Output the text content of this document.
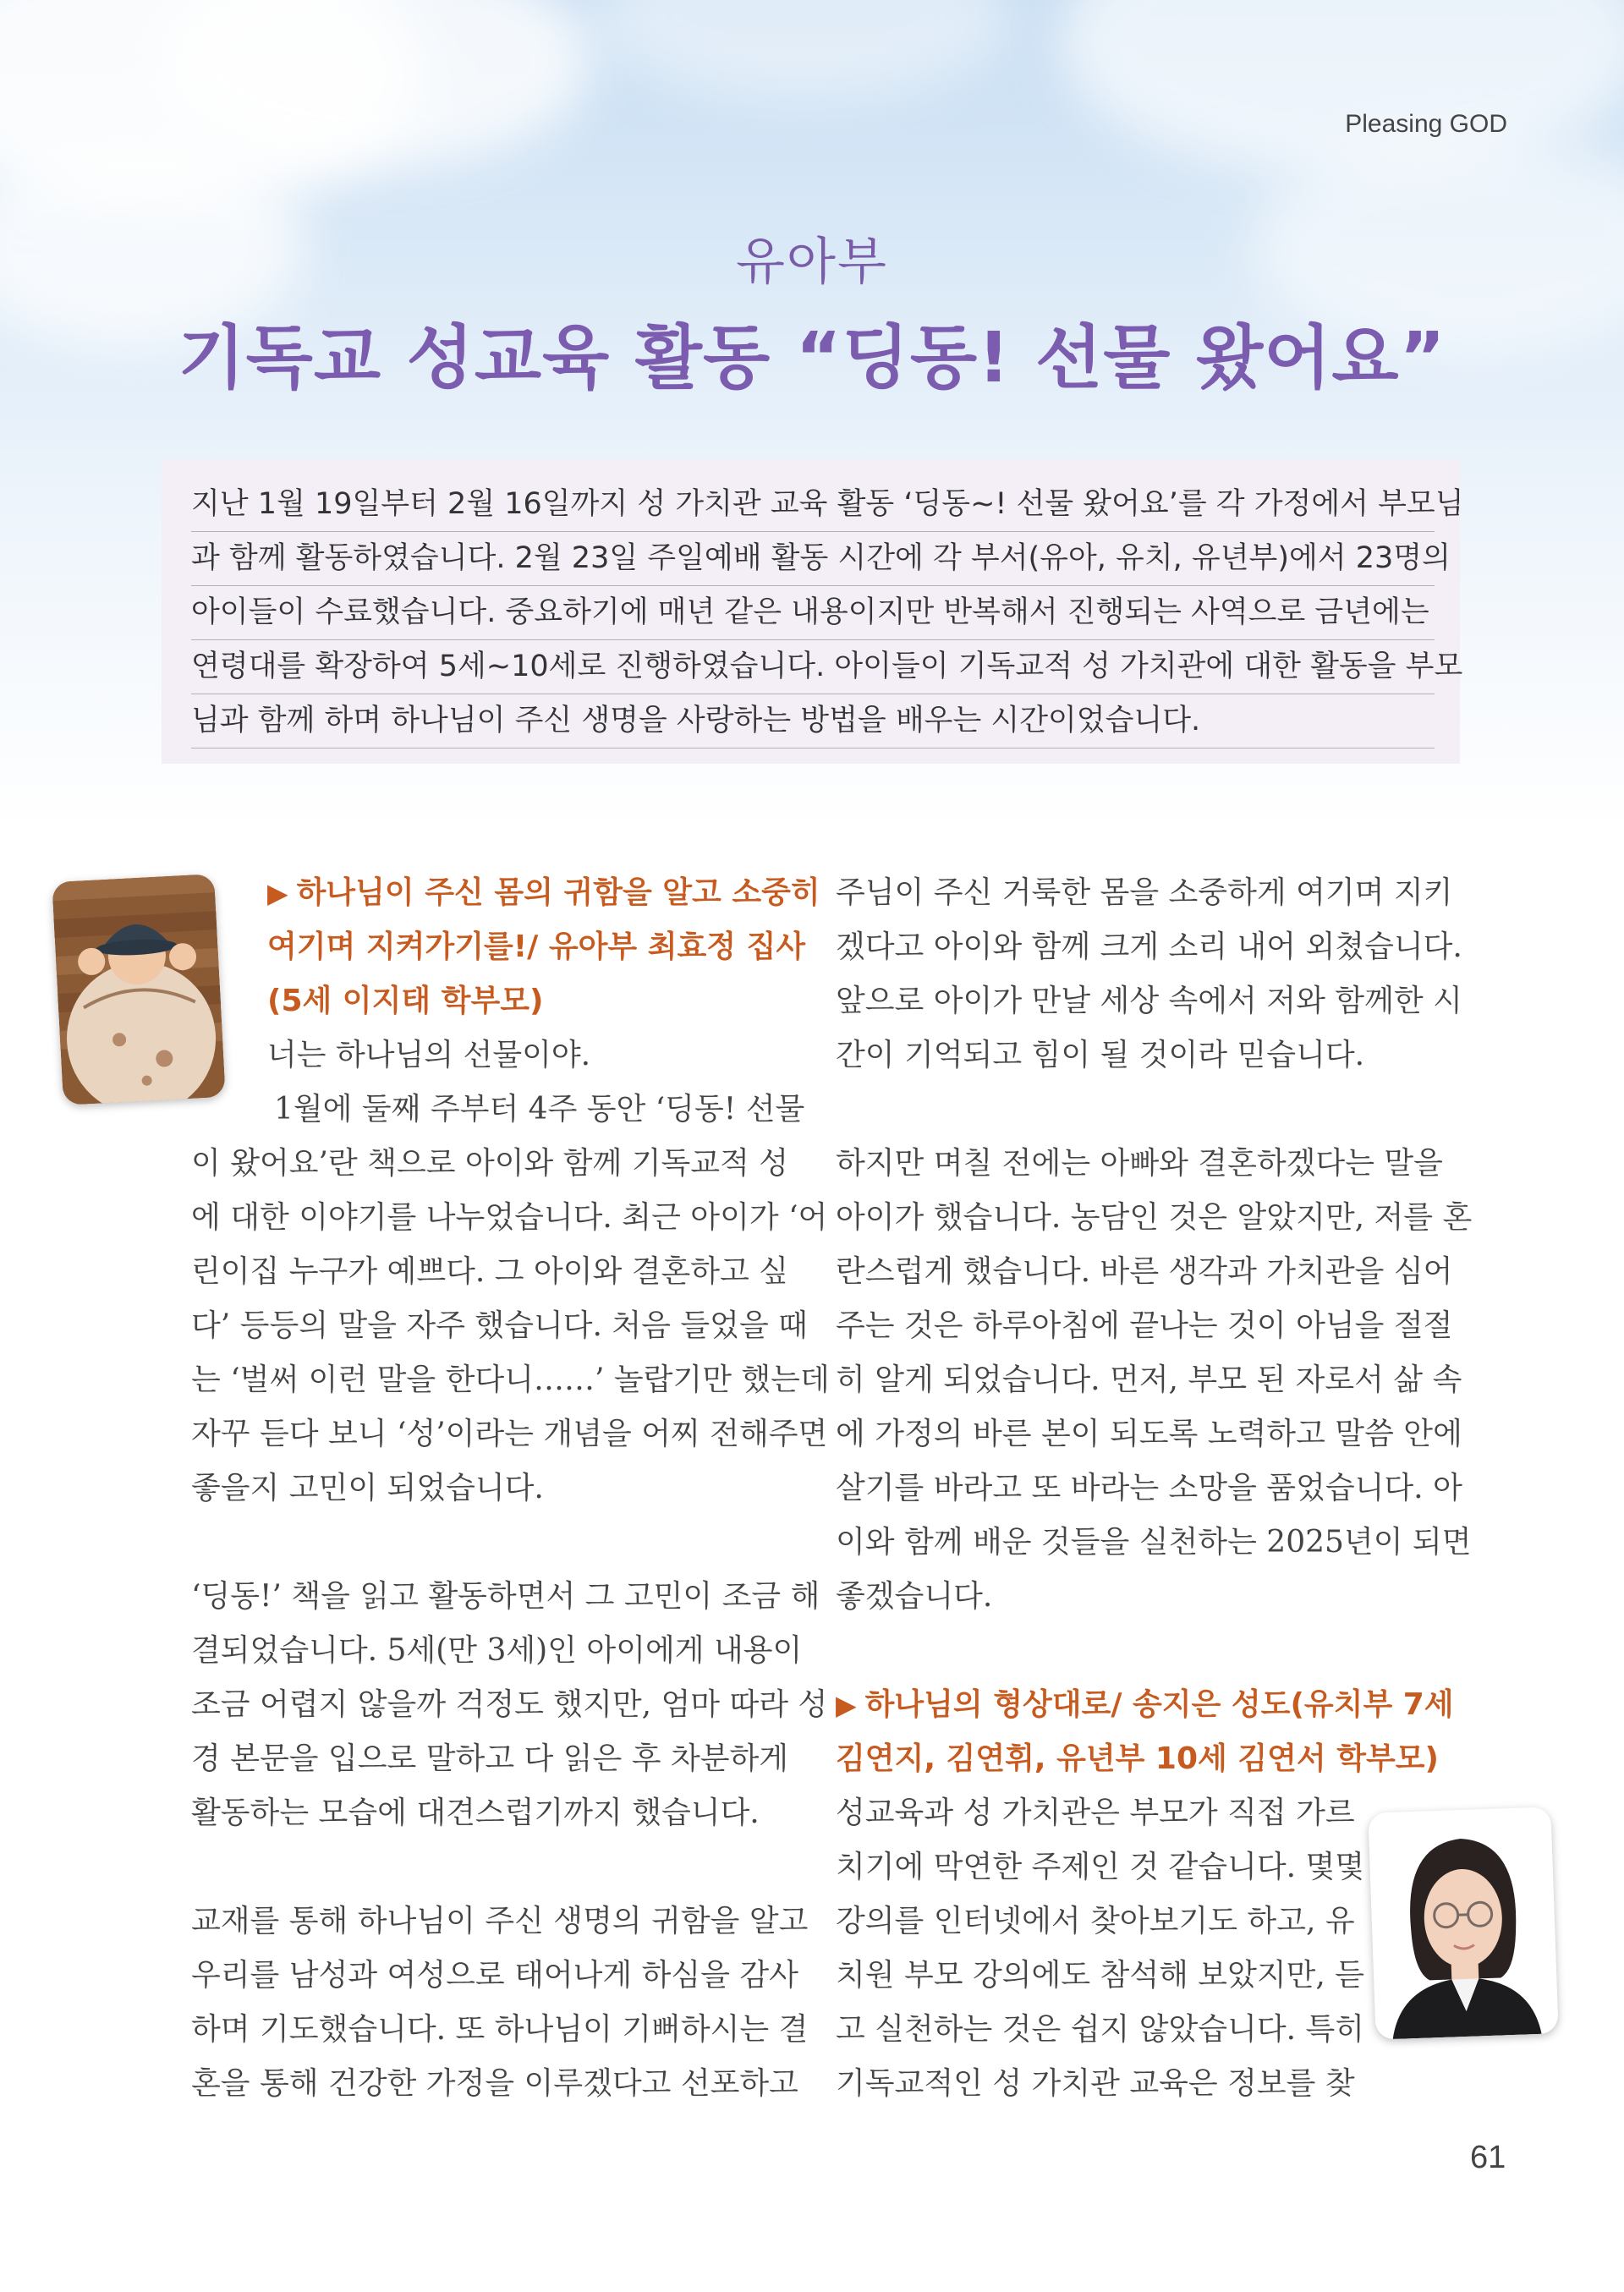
Pleasing GOD
유아부
기독교 성교육 활동 “딩동! 선물 왔어요”
지난 1월 19일부터 2월 16일까지 성 가치관 교육 활동 ‘딩동~! 선물 왔어요’를 각 가정에서 부모님
과 함께 활동하였습니다. 2월 23일 주일예배 활동 시간에 각 부서(유아, 유치, 유년부)에서 23명의
아이들이 수료했습니다. 중요하기에 매년 같은 내용이지만 반복해서 진행되는 사역으로 금년에는
연령대를 확장하여 5세~10세로 진행하였습니다. 아이들이 기독교적 성 가치관에 대한 활동을 부모
님과 함께 하며 하나님이 주신 생명을 사랑하는 방법을 배우는 시간이었습니다.
▶ 하나님이 주신 몸의 귀함을 알고 소중히
여기며 지켜가기를!/ 유아부 최효정 집사
(5세 이지태 학부모)
너는 하나님의 선물이야.
1월에 둘째 주부터 4주 동안 ‘딩동! 선물
이 왔어요’란 책으로 아이와 함께 기독교적 성
에 대한 이야기를 나누었습니다. 최근 아이가 ‘어
린이집 누구가 예쁘다. 그 아이와 결혼하고 싶
다’ 등등의 말을 자주 했습니다. 처음 들었을 때
는 ‘벌써 이런 말을 한다니……’ 놀랍기만 했는데
자꾸 듣다 보니 ‘성’이라는 개념을 어찌 전해주면
좋을지 고민이 되었습니다.
‘딩동!’ 책을 읽고 활동하면서 그 고민이 조금 해
결되었습니다. 5세(만 3세)인 아이에게 내용이
조금 어렵지 않을까 걱정도 했지만, 엄마 따라 성
경 본문을 입으로 말하고 다 읽은 후 차분하게
활동하는 모습에 대견스럽기까지 했습니다.
교재를 통해 하나님이 주신 생명의 귀함을 알고
우리를 남성과 여성으로 태어나게 하심을 감사
하며 기도했습니다. 또 하나님이 기뻐하시는 결
혼을 통해 건강한 가정을 이루겠다고 선포하고
주님이 주신 거룩한 몸을 소중하게 여기며 지키
겠다고 아이와 함께 크게 소리 내어 외쳤습니다.
앞으로 아이가 만날 세상 속에서 저와 함께한 시
간이 기억되고 힘이 될 것이라 믿습니다.
하지만 며칠 전에는 아빠와 결혼하겠다는 말을
아이가 했습니다. 농담인 것은 알았지만, 저를 혼
란스럽게 했습니다. 바른 생각과 가치관을 심어
주는 것은 하루아침에 끝나는 것이 아님을 절절
히 알게 되었습니다. 먼저, 부모 된 자로서 삶 속
에 가정의 바른 본이 되도록 노력하고 말씀 안에
살기를 바라고 또 바라는 소망을 품었습니다. 아
이와 함께 배운 것들을 실천하는 2025년이 되면
좋겠습니다.
▶ 하나님의 형상대로/ 송지은 성도(유치부 7세
김연지, 김연휘, 유년부 10세 김연서 학부모)
성교육과 성 가치관은 부모가 직접 가르
치기에 막연한 주제인 것 같습니다. 몇몇
강의를 인터넷에서 찾아보기도 하고, 유
치원 부모 강의에도 참석해 보았지만, 듣
고 실천하는 것은 쉽지 않았습니다. 특히
기독교적인 성 가치관 교육은 정보를 찾
61
